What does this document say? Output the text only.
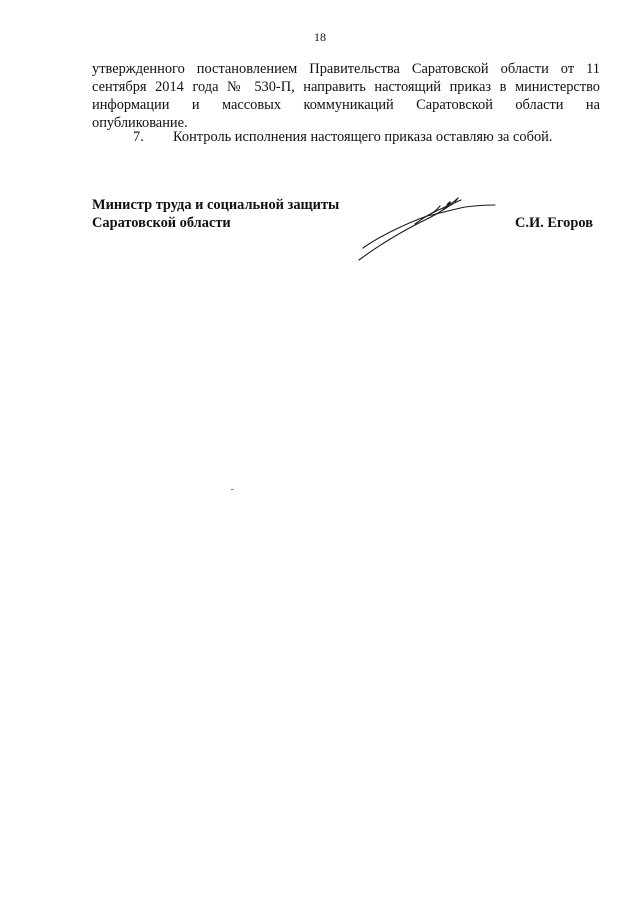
18
утвержденного постановлением Правительства Саратовской области от 11
сентября 2014 года № 530-П, направить настоящий приказ в министерство
информации и массовых коммуникаций Саратовской области на
опубликование.
7. Контроль исполнения настоящего приказа оставляю за собой.
Министр труда и социальной защиты
Саратовской области	С.И. Егоров
